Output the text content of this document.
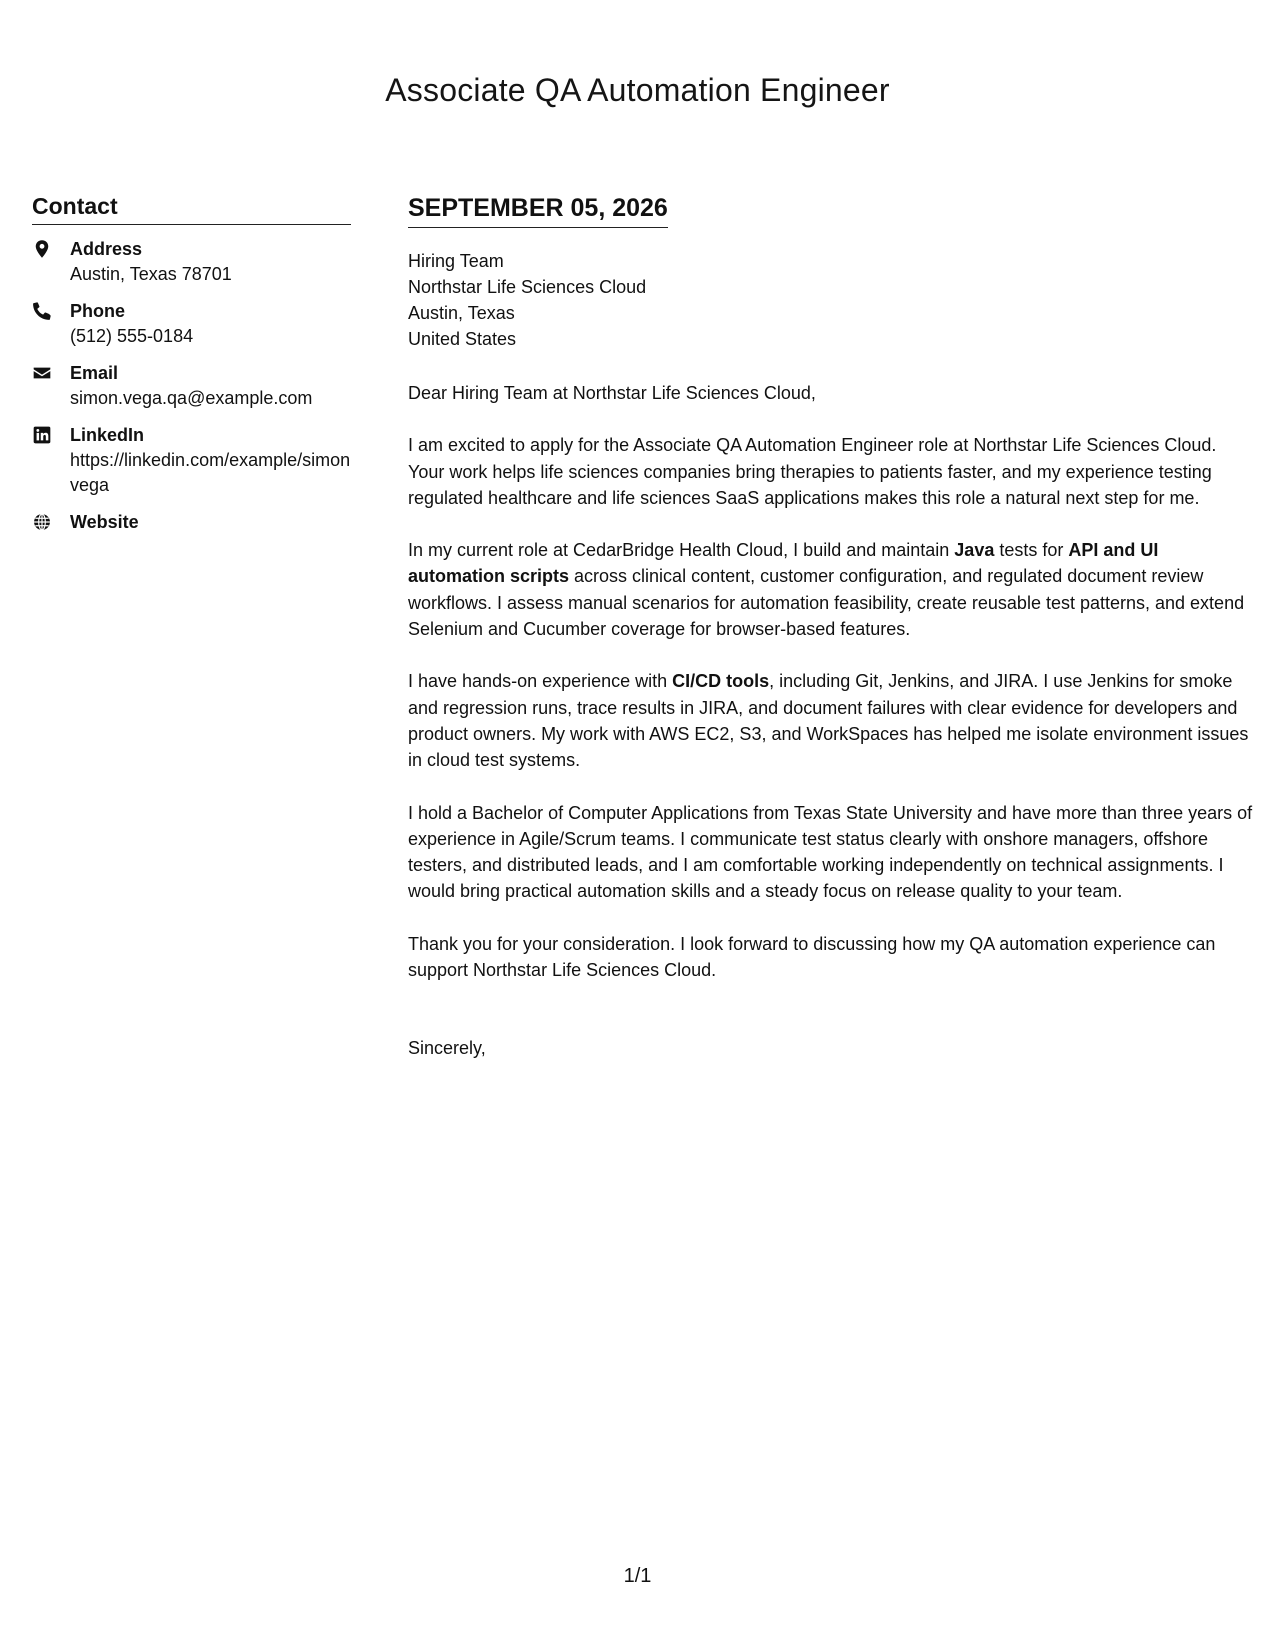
Associate QA Automation Engineer
Contact
Address
Austin, Texas 78701
Phone
(512) 555-0184
Email
simon.vega.qa@example.com
LinkedIn
https://linkedin.com/example/simonvega
Website
SEPTEMBER 05, 2026
Hiring Team
Northstar Life Sciences Cloud
Austin, Texas
United States
Dear Hiring Team at Northstar Life Sciences Cloud,

I am excited to apply for the Associate QA Automation Engineer role at Northstar Life Sciences Cloud. Your work helps life sciences companies bring therapies to patients faster, and my experience testing regulated healthcare and life sciences SaaS applications makes this role a natural next step for me.

In my current role at CedarBridge Health Cloud, I build and maintain Java tests for API and UI automation scripts across clinical content, customer configuration, and regulated document review workflows. I assess manual scenarios for automation feasibility, create reusable test patterns, and extend Selenium and Cucumber coverage for browser-based features.

I have hands-on experience with CI/CD tools, including Git, Jenkins, and JIRA. I use Jenkins for smoke and regression runs, trace results in JIRA, and document failures with clear evidence for developers and product owners. My work with AWS EC2, S3, and WorkSpaces has helped me isolate environment issues in cloud test systems.

I hold a Bachelor of Computer Applications from Texas State University and have more than three years of experience in Agile/Scrum teams. I communicate test status clearly with onshore managers, offshore testers, and distributed leads, and I am comfortable working independently on technical assignments. I would bring practical automation skills and a steady focus on release quality to your team.

Thank you for your consideration. I look forward to discussing how my QA automation experience can support Northstar Life Sciences Cloud.

Sincerely,
1/1
